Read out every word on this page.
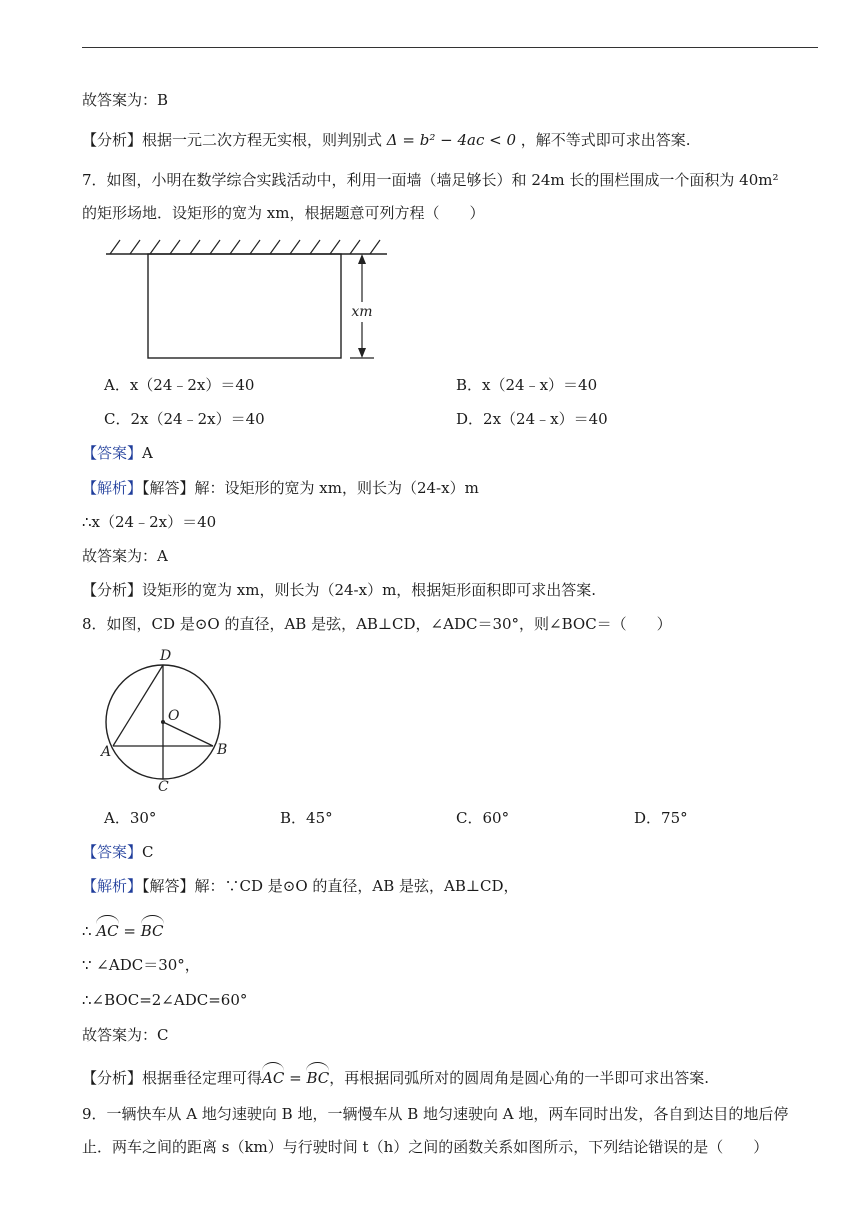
故答案为：B
【分析】根据一元二次方程无实根，则判别式 Δ = b² − 4ac < 0 ，解不等式即可求出答案.
7．如图，小明在数学综合实践活动中，利用一面墙（墙足够长）和 24m 长的围栏围成一个面积为 40m²
的矩形场地．设矩形的宽为 xm，根据题意可列方程（　　）
xm
A．x（24﹣2x）＝40	B．x（24﹣x）＝40
C．2x（24﹣2x）＝40	D．2x（24﹣x）＝40
【答案】A
【解析】【解答】解：设矩形的宽为 xm，则长为（24-x）m
∴x（24﹣2x）＝40
故答案为：A
【分析】设矩形的宽为 xm，则长为（24-x）m，根据矩形面积即可求出答案.
8．如图，CD 是⊙O 的直径，AB 是弦，AB⊥CD，∠ADC＝30°，则∠BOC＝（　　）
D
O
A	B
C
A．30°	B．45°	C．60°	D．75°
【答案】C
【解析】【解答】解：∵CD 是⊙O 的直径，AB 是弦，AB⊥CD，
∴ AC = BC
∵ ∠ADC＝30°，
∴∠BOC=2∠ADC=60°
故答案为：C
【分析】根据垂径定理可得AC = BC，再根据同弧所对的圆周角是圆心角的一半即可求出答案.
9．一辆快车从 A 地匀速驶向 B 地，一辆慢车从 B 地匀速驶向 A 地，两车同时出发，各自到达目的地后停
止．两车之间的距离 s（km）与行驶时间 t（h）之间的函数关系如图所示，下列结论错误的是（　　）
